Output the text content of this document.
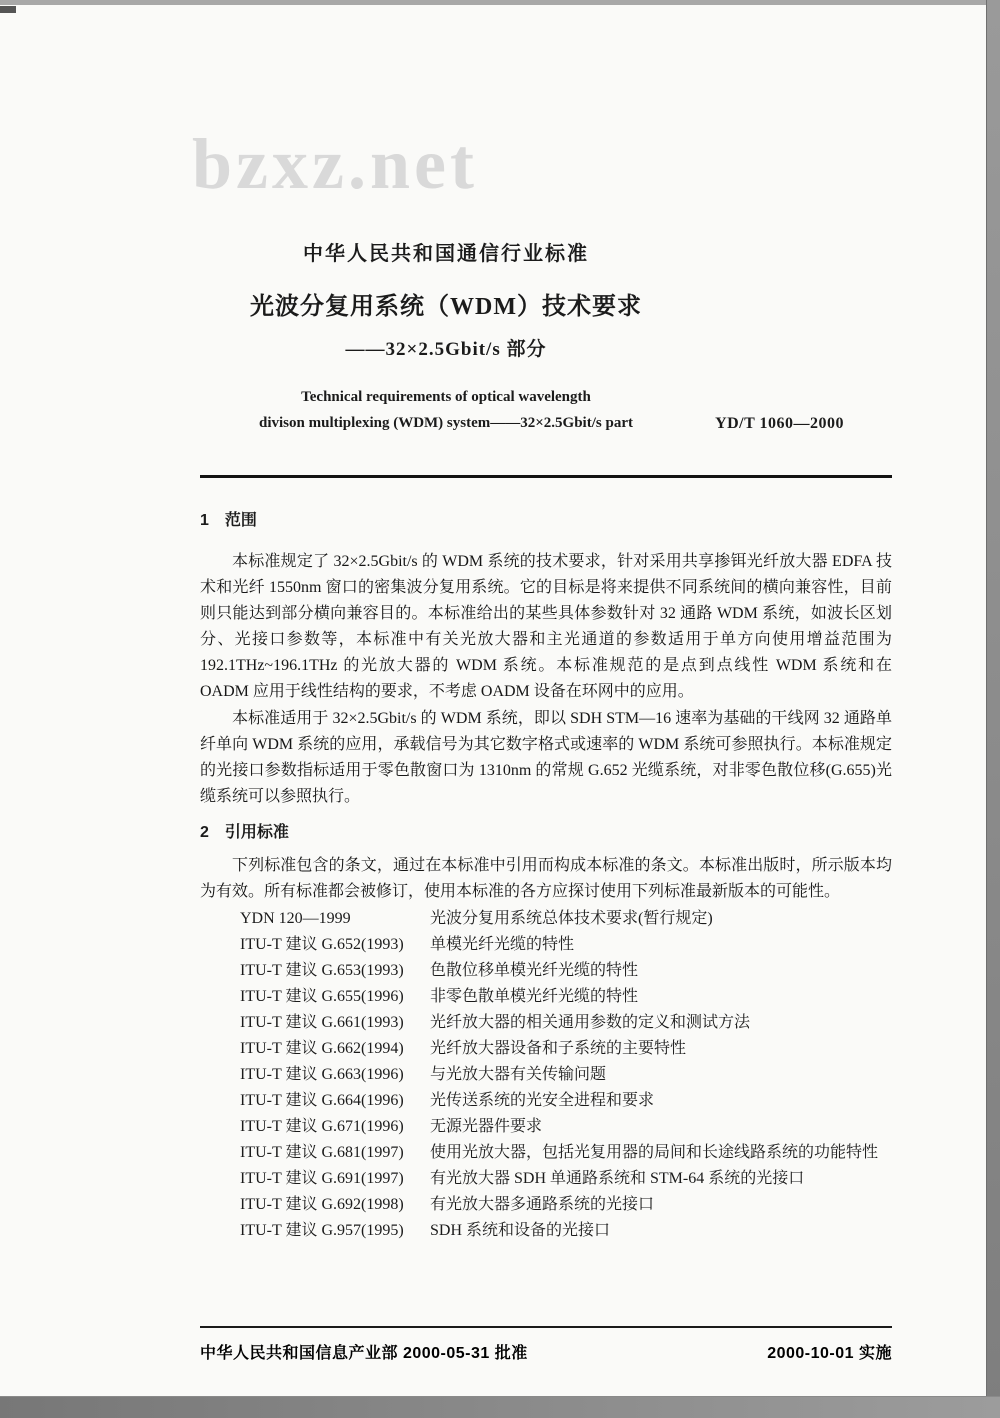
bzxz.net
中华人民共和国通信行业标准
光波分复用系统（WDM）技术要求
——32×2.5Gbit/s 部分
Technical requirements of optical wavelength
divison multiplexing (WDM) system——32×2.5Gbit/s part	YD/T 1060—2000
1　范围

本标准规定了 32×2.5Gbit/s 的 WDM 系统的技术要求，针对采用共享掺铒光纤放大器 EDFA 技术和光纤 1550nm 窗口的密集波分复用系统。它的目标是将来提供不同系统间的横向兼容性，目前则只能达到部分横向兼容目的。本标准给出的某些具体参数针对 32 通路 WDM 系统，如波长区划分、光接口参数等，本标准中有关光放大器和主光通道的参数适用于单方向使用增益范围为 192.1THz~196.1THz 的光放大器的 WDM 系统。本标准规范的是点到点线性 WDM 系统和在 OADM 应用于线性结构的要求，不考虑 OADM 设备在环网中的应用。

本标准适用于 32×2.5Gbit/s 的 WDM 系统，即以 SDH STM—16 速率为基础的干线网 32 通路单纤单向 WDM 系统的应用，承载信号为其它数字格式或速率的 WDM 系统可参照执行。本标准规定的光接口参数指标适用于零色散窗口为 1310nm 的常规 G.652 光缆系统，对非零色散位移(G.655)光缆系统可以参照执行。

2　引用标准

下列标准包含的条文，通过在本标准中引用而构成本标准的条文。本标准出版时，所示版本均为有效。所有标准都会被修订，使用本标准的各方应探讨使用下列标准最新版本的可能性。

YDN 120—1999	光波分复用系统总体技术要求(暂行规定)
ITU-T 建议 G.652(1993) 单模光纤光缆的特性
ITU-T 建议 G.653(1993) 色散位移单模光纤光缆的特性
ITU-T 建议 G.655(1996) 非零色散单模光纤光缆的特性
ITU-T 建议 G.661(1993) 光纤放大器的相关通用参数的定义和测试方法
ITU-T 建议 G.662(1994) 光纤放大器设备和子系统的主要特性
ITU-T 建议 G.663(1996) 与光放大器有关传输问题
ITU-T 建议 G.664(1996) 光传送系统的光安全进程和要求
ITU-T 建议 G.671(1996) 无源光器件要求
ITU-T 建议 G.681(1997) 使用光放大器，包括光复用器的局间和长途线路系统的功能特性
ITU-T 建议 G.691(1997) 有光放大器 SDH 单通路系统和 STM-64 系统的光接口
ITU-T 建议 G.692(1998) 有光放大器多通路系统的光接口
ITU-T 建议 G.957(1995) SDH 系统和设备的光接口
中华人民共和国信息产业部 2000-05-31 批准	2000-10-01 实施
